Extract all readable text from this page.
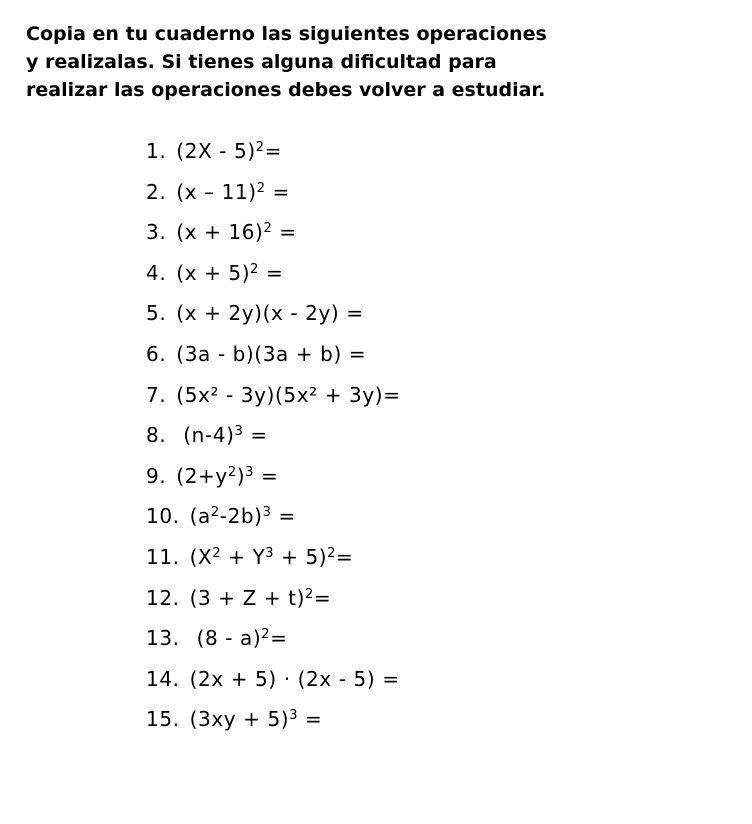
Copia en tu cuaderno las siguientes operaciones
y realizalas. Si tienes alguna dificultad para
realizar las operaciones debes volver a estudiar.
1. (2X - 5)$^2$=
2. (x – 11)$^2$ =
3. $(x + 16)^2$ =
4. $(x + 5)^2$ =
5. (x + 2y)(x - 2y) =
6. (3a - b)(3a + b) =
7. (5x² - 3y)(5x² + 3y)=
8. $(n-4)^3$ =
9. $(2+y^2)^3$ =
10. $(a^2-2b)^3$ =
11. $(X^2 + Y^3 + 5)^2=$
12. $(3 + Z + t)^2=$
13. (8 - a)$^2$=
14. (2x + 5) · (2x - 5) =
15. $(3xy + 5)^3$ =
